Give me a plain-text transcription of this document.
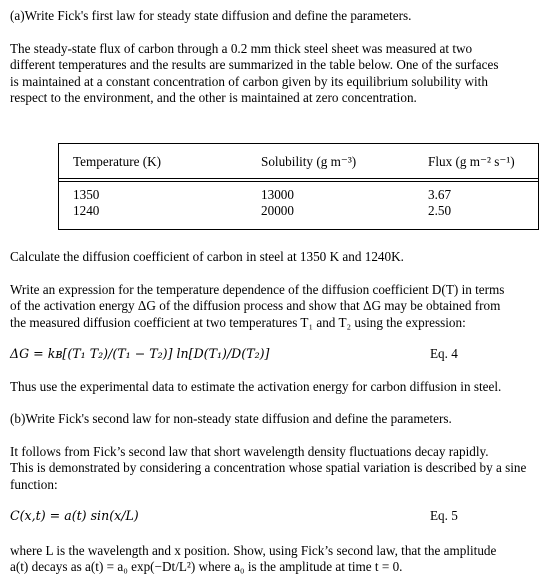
(a)Write Fick's first law for steady state diffusion and define the parameters.

The steady-state flux of carbon through a 0.2 mm thick steel sheet was measured at two
different temperatures and the results are summarized in the table below. One of the surfaces
is maintained at a constant concentration of carbon given by its equilibrium solubility with
respect to the environment, and the other is maintained at zero concentration.

Temperature (K)	Solubility (g m⁻³)	Flux (g m⁻² s⁻¹)
1350	13000	3.67
1240	20000	2.50

Calculate the diffusion coefficient of carbon in steel at 1350 K and 1240K.

Write an expression for the temperature dependence of the diffusion coefficient D(T) in terms
of the activation energy ΔG of the diffusion process and show that ΔG may be obtained from
the measured diffusion coefficient at two temperatures T₁ and T₂ using the expression:

ΔG = kʙ[(T₁ T₂)/(T₁ − T₂)] ln[D(T₁)/D(T₂)]	Eq. 4

Thus use the experimental data to estimate the activation energy for carbon diffusion in steel.

(b)Write Fick's second law for non-steady state diffusion and define the parameters.

It follows from Fick’s second law that short wavelength density fluctuations decay rapidly.
This is demonstrated by considering a concentration whose spatial variation is described by a sine
function:

C(x,t) = a(t) sin(x/L)	Eq. 5

where L is the wavelength and x position. Show, using Fick’s second law, that the amplitude
a(t) decays as a(t) = a₀ exp(−Dt/L²) where a₀ is the amplitude at time t = 0.
